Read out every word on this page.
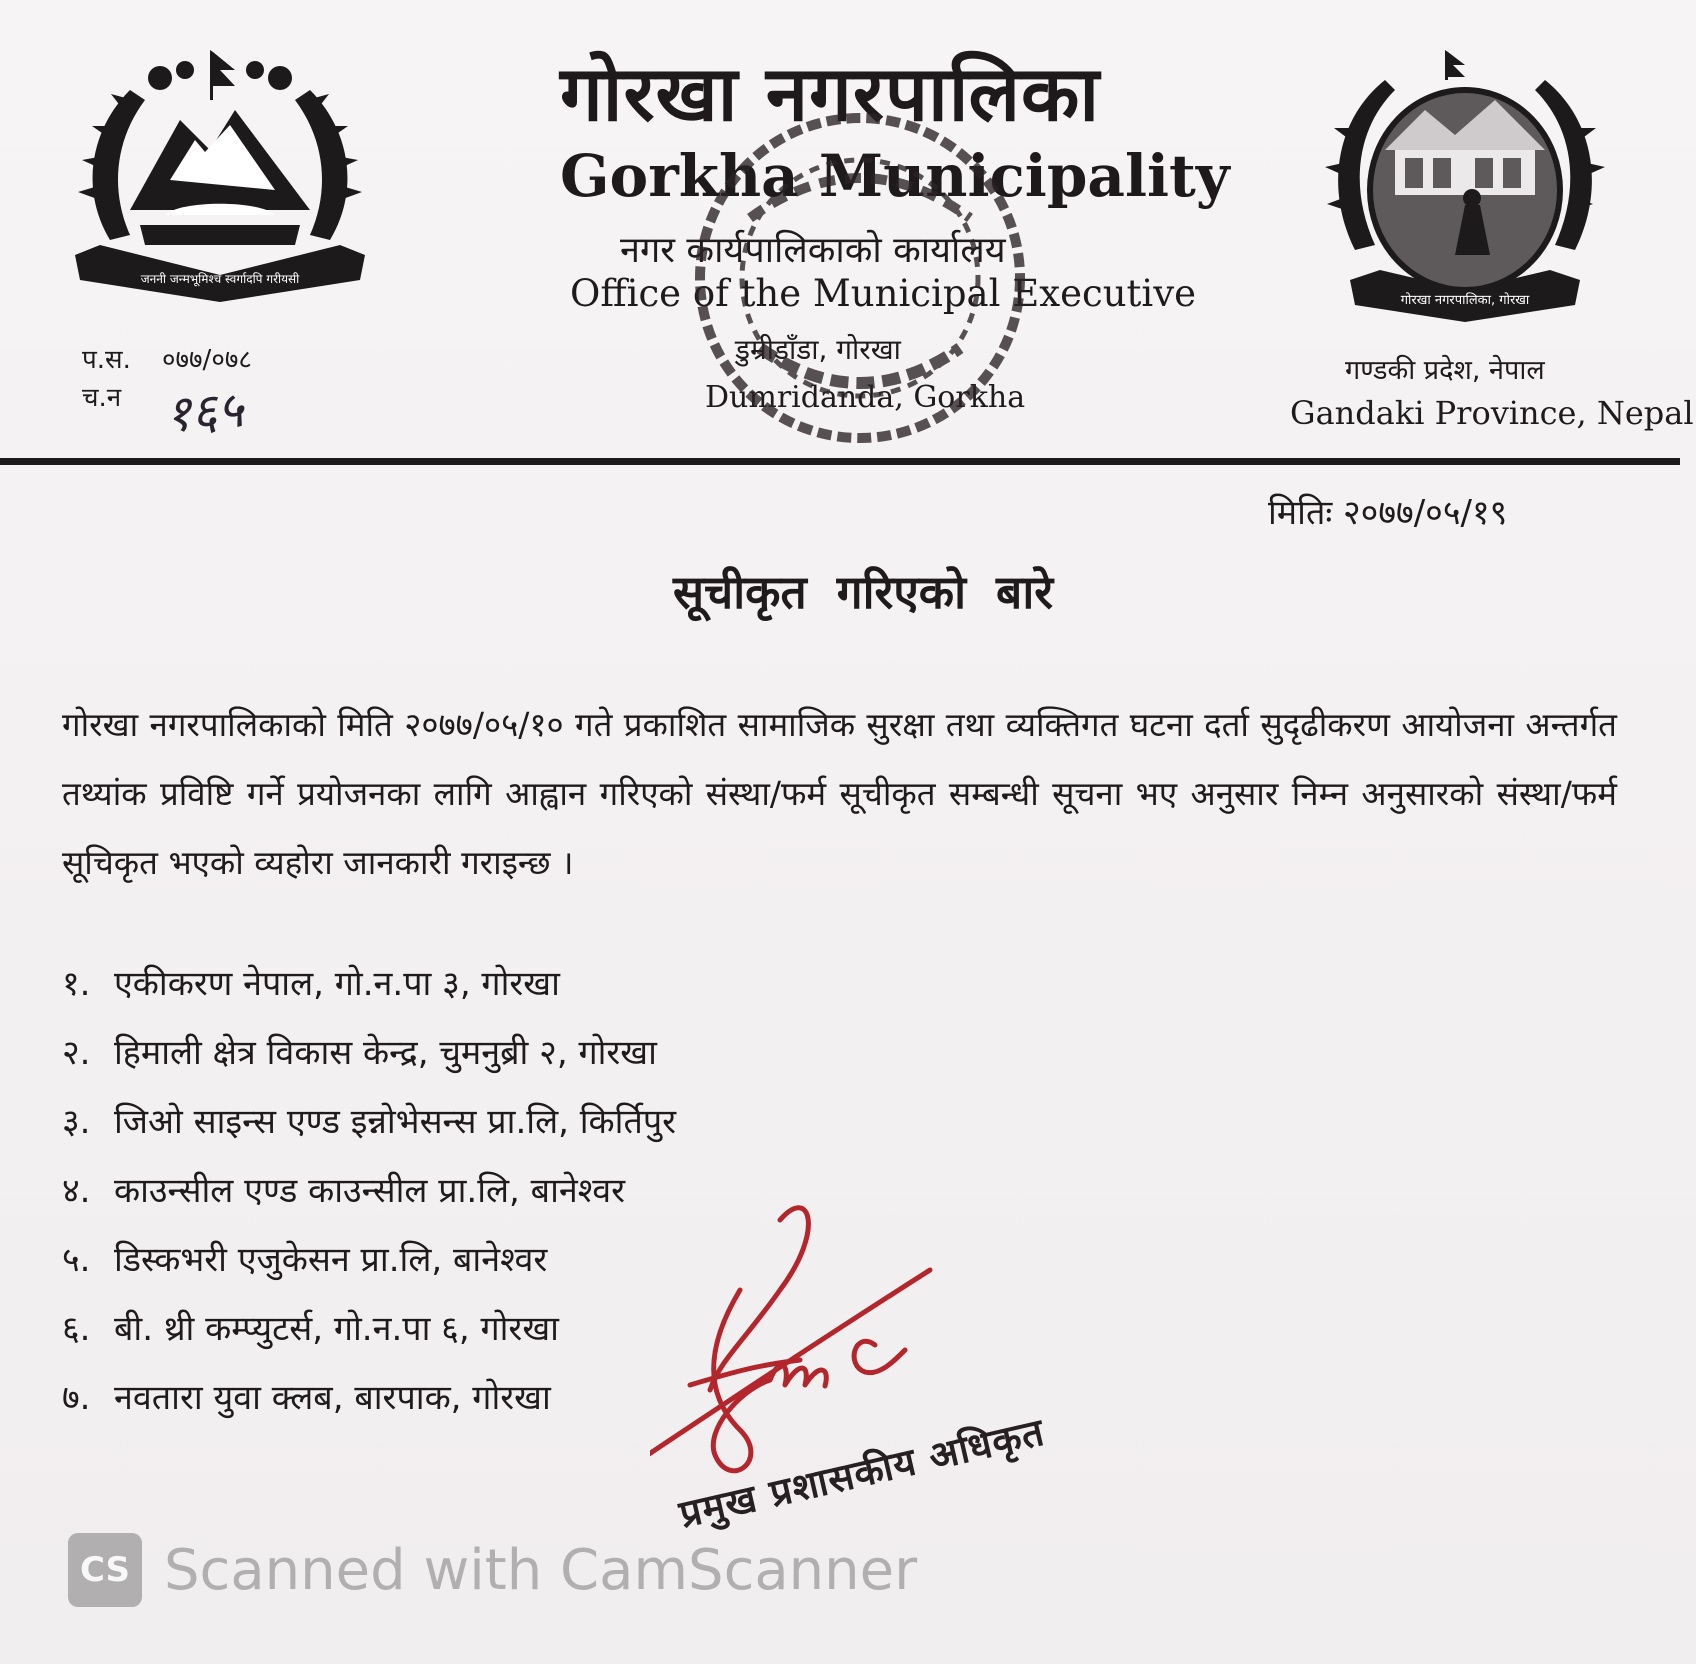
जननी जन्मभूमिश्च स्वर्गादपि गरीयसी
गोरखा नगरपालिका, गोरखा
गोरखा नगरपालिका
Gorkha Municipality
नगर कार्यपालिकाको कार्यालय
Office of the Municipal Executive
डुम्रीडाँडा, गोरखा
Dumridanda, Gorkha
गण्डकी प्रदेश, नेपाल
Gandaki Province, Nepal
प.स. ०७७/०७८
च.न १६५
मितिः २०७७/०५/१९
सूचीकृत गरिएको बारे
गोरखा नगरपालिकाको मिति २०७७/०५/१० गते प्रकाशित सामाजिक सुरक्षा तथा व्यक्तिगत घटना दर्ता सुदृढीकरण आयोजना अन्तर्गत तथ्यांक प्रविष्टि गर्ने प्रयोजनका लागि आह्वान गरिएको संस्था/फर्म सूचीकृत सम्बन्धी सूचना भए अनुसार निम्न अनुसारको संस्था/फर्म सूचिकृत भएको व्यहोरा जानकारी गराइन्छ ।
१. एकीकरण नेपाल, गो.न.पा ३, गोरखा
२. हिमाली क्षेत्र विकास केन्द्र, चुमनुब्री २, गोरखा
३. जिओ साइन्स एण्ड इन्नोभेसन्स प्रा.लि, किर्तिपुर
४. काउन्सील एण्ड काउन्सील प्रा.लि, बानेश्वर
५. डिस्कभरी एजुकेसन प्रा.लि, बानेश्वर
६. बी. थ्री कम्प्युटर्स, गो.न.पा ६, गोरखा
७. नवतारा युवा क्लब, बारपाक, गोरखा
प्रमुख प्रशासकीय अधिकृत
CS Scanned with CamScanner
